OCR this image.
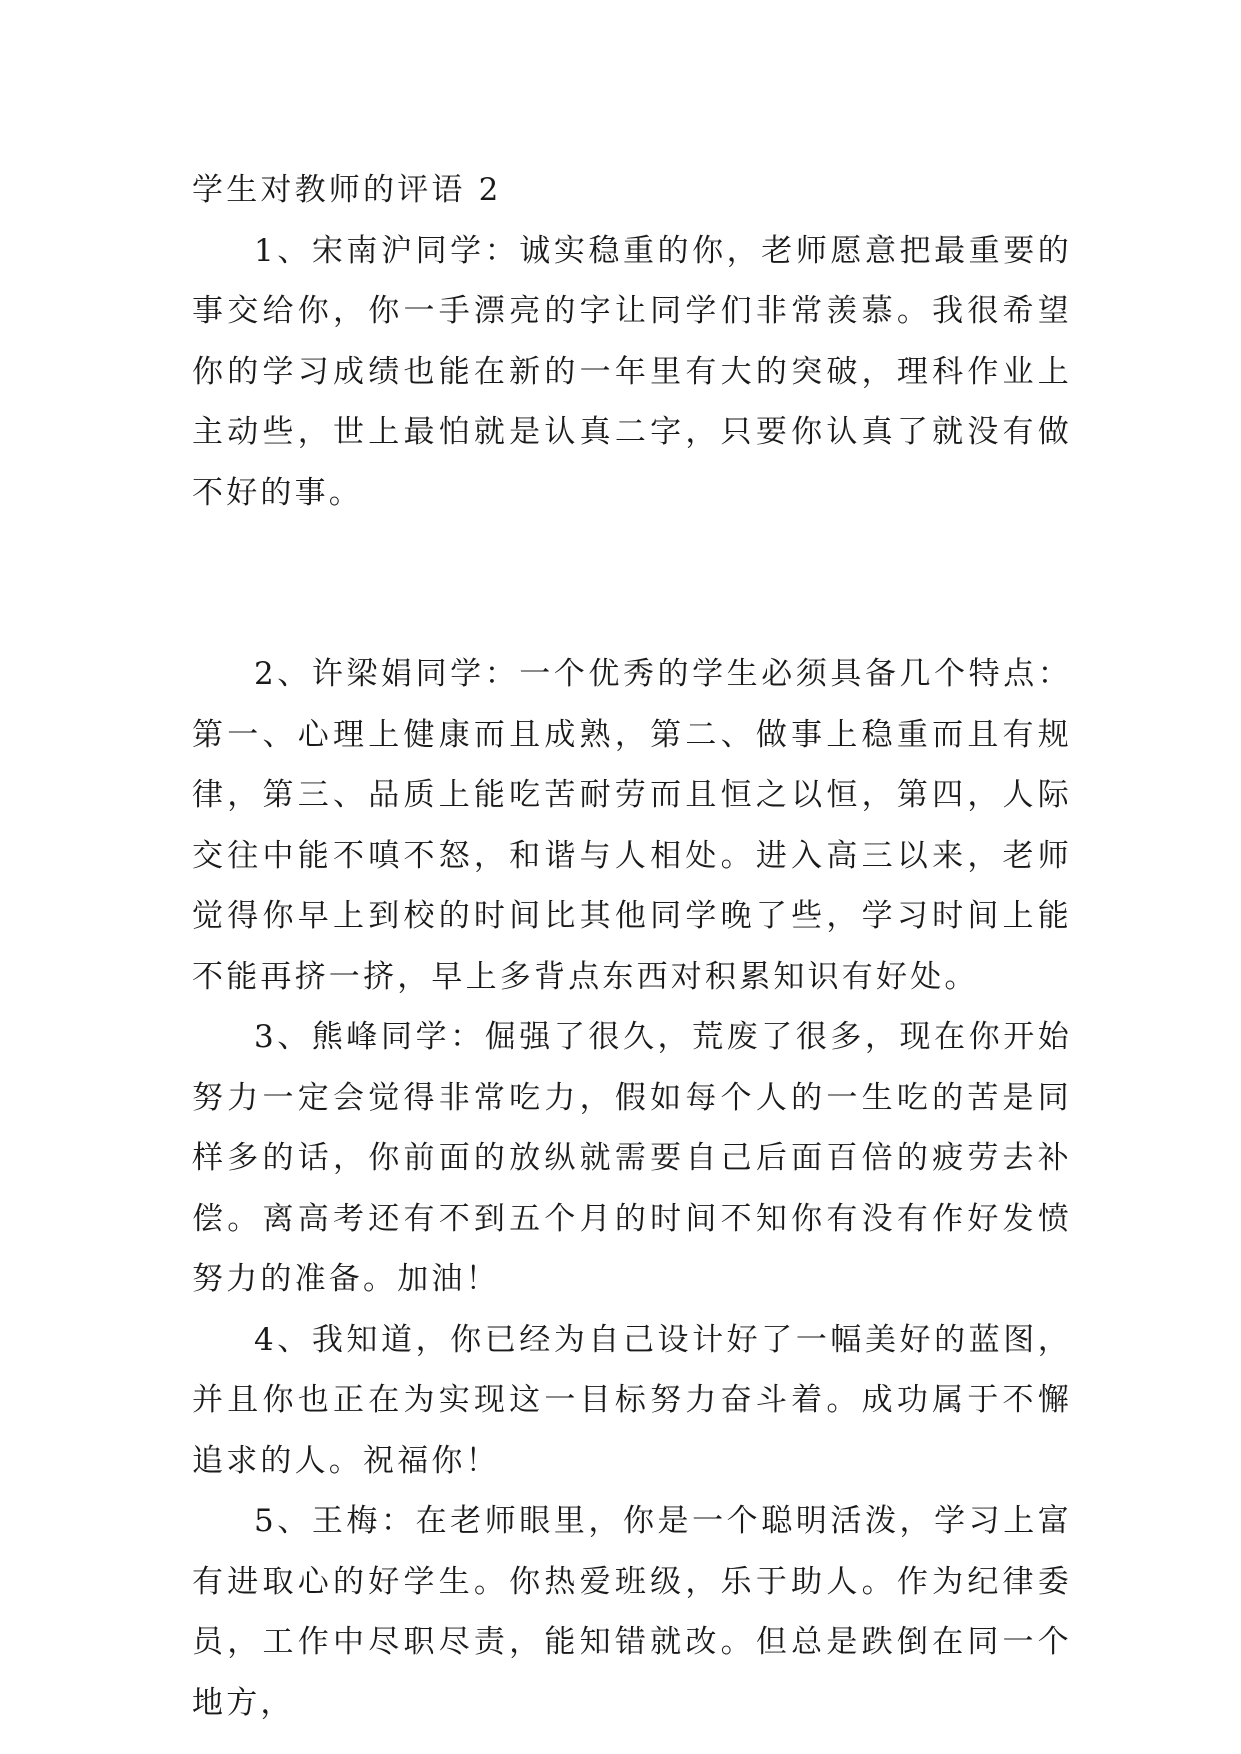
学生对教师的评语 2

1、宋南沪同学：诚实稳重的你，老师愿意把最重要的事交给你，你一手漂亮的字让同学们非常羡慕。我很希望你的学习成绩也能在新的一年里有大的突破，理科作业上主动些，世上最怕就是认真二字，只要你认真了就没有做不好的事。

2、许梁娟同学：一个优秀的学生必须具备几个特点：第一、心理上健康而且成熟，第二、做事上稳重而且有规律，第三、品质上能吃苦耐劳而且恒之以恒，第四，人际交往中能不嗔不怒，和谐与人相处。进入高三以来，老师觉得你早上到校的时间比其他同学晚了些，学习时间上能不能再挤一挤，早上多背点东西对积累知识有好处。

3、熊峰同学：倔强了很久，荒废了很多，现在你开始努力一定会觉得非常吃力，假如每个人的一生吃的苦是同样多的话，你前面的放纵就需要自己后面百倍的疲劳去补偿。离高考还有不到五个月的时间不知你有没有作好发愤努力的准备。加油！

4、我知道，你已经为自己设计好了一幅美好的蓝图，并且你也正在为实现这一目标努力奋斗着。成功属于不懈追求的人。祝福你！

5、王梅：在老师眼里，你是一个聪明活泼，学习上富有进取心的好学生。你热爱班级，乐于助人。作为纪律委员，工作中尽职尽责，能知错就改。但总是跌倒在同一个地方，
